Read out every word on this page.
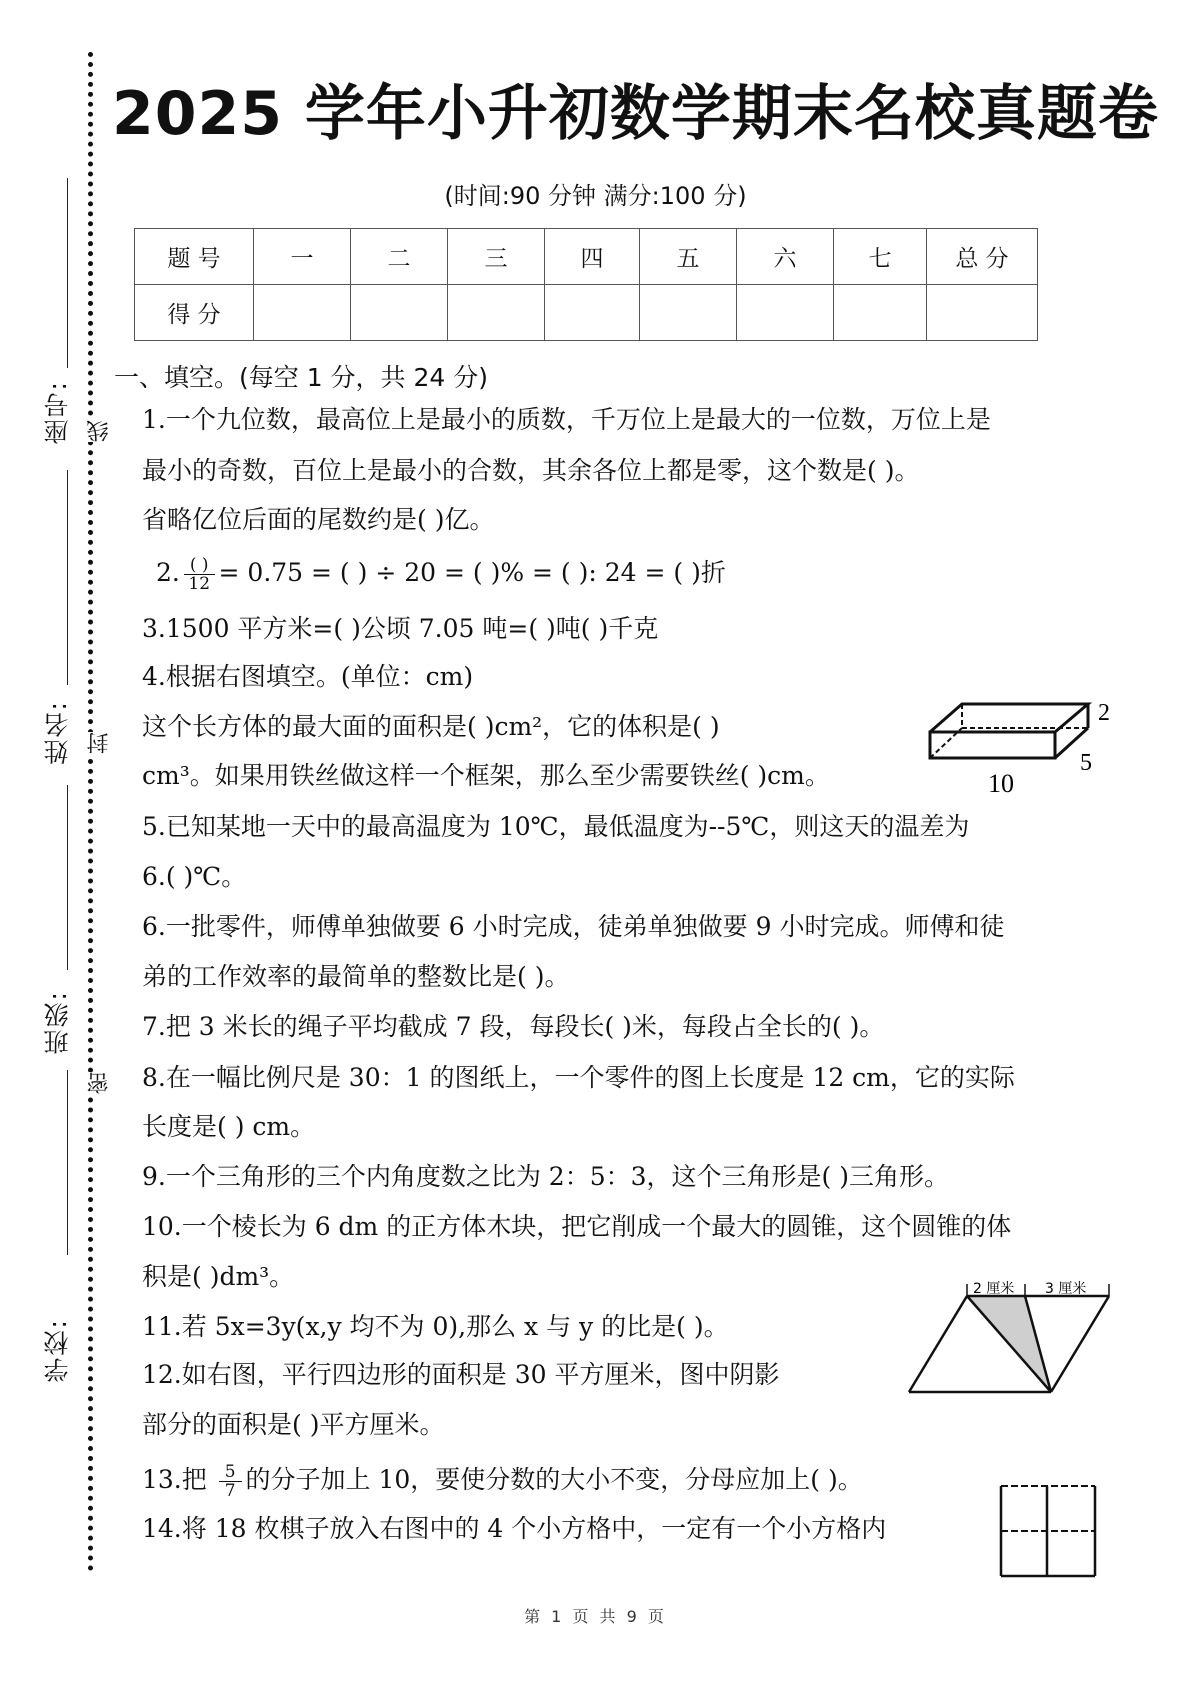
座号:
姓名:
班级:
学校:
线
封
密
2025 学年小升初数学期末名校真题卷
(时间:90 分钟 满分:100 分)
题 号	一	二	三	四	五	六	七	总 分
得 分								
一、填空。(每空 1 分，共 24 分)
1.一个九位数，最高位上是最小的质数，千万位上是最大的一位数，万位上是
最小的奇数，百位上是最小的合数，其余各位上都是零，这个数是( )。
省略亿位后面的尾数约是( )亿。
2. $\frac{( )}{12} = 0.75$ = ( ) ÷ 20 = ( )% = ( ): 24 = ( )折
3.1500 平方米=( )公顷 7.05 吨=( )吨( )千克
4.根据右图填空。(单位：cm)
这个长方体的最大面的面积是( )cm²，它的体积是( )
cm³。如果用铁丝做这样一个框架，那么至少需要铁丝( )cm。
2
5
10
5.已知某地一天中的最高温度为 10℃，最低温度为--5℃，则这天的温差为
6.( )℃。
6.一批零件，师傅单独做要 6 小时完成，徒弟单独做要 9 小时完成。师傅和徒
弟的工作效率的最简单的整数比是( )。
7.把 3 米长的绳子平均截成 7 段，每段长( )米，每段占全长的( )。
8.在一幅比例尺是 30：1 的图纸上，一个零件的图上长度是 12 cm，它的实际
长度是( ) cm。
9.一个三角形的三个内角度数之比为 2：5：3，这个三角形是( )三角形。
10.一个棱长为 6 dm 的正方体木块，把它削成一个最大的圆锥，这个圆锥的体
积是( )dm³。
11.若 5x=3y(x,y 均不为 0),那么 x 与 y 的比是( )。
12.如右图，平行四边形的面积是 30 平方厘米，图中阴影
部分的面积是( )平方厘米。
2 厘米 3 厘米
13.把 $\frac{5}{7}$ 的分子加上 10，要使分数的大小不变，分母应加上( )。
14.将 18 枚棋子放入右图中的 4 个小方格中，一定有一个小方格内
第 1 页 共 9 页
